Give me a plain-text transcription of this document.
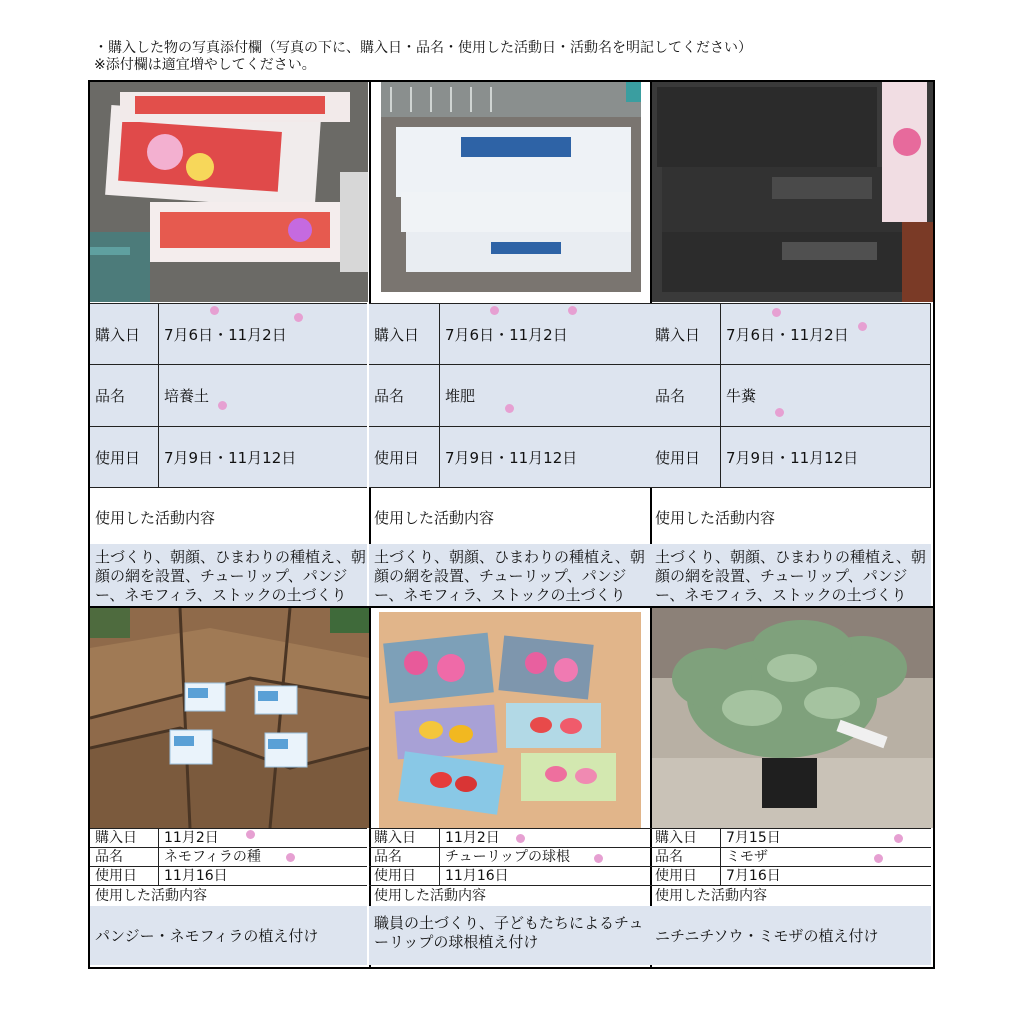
・購入した物の写真添付欄（写真の下に、購入日・品名・使用した活動日・活動名を明記してください）
※添付欄は適宜増やしてください。
購入日	7月6日・11月2日
品名	培養土
使用日	7月9日・11月12日
使用した活動内容
土づくり、朝顔、ひまわりの種植え、朝顔の網を設置、チューリップ、パンジー、ネモフィラ、ストックの土づくり
購入日	7月6日・11月2日
品名	堆肥
使用日	7月9日・11月12日
使用した活動内容
土づくり、朝顔、ひまわりの種植え、朝顔の網を設置、チューリップ、パンジー、ネモフィラ、ストックの土づくり
購入日	7月6日・11月2日
品名	牛糞
使用日	7月9日・11月12日
使用した活動内容
土づくり、朝顔、ひまわりの種植え、朝顔の網を設置、チューリップ、パンジー、ネモフィラ、ストックの土づくり
購入日	11月2日
品名	ネモフィラの種
使用日	11月16日
使用した活動内容
パンジー・ネモフィラの植え付け
購入日	11月2日
品名	チューリップの球根
使用日	11月16日
使用した活動内容
職員の土づくり、子どもたちによるチューリップの球根植え付け
購入日	7月15日
品名	ミモザ
使用日	7月16日
使用した活動内容
ニチニチソウ・ミモザの植え付け
